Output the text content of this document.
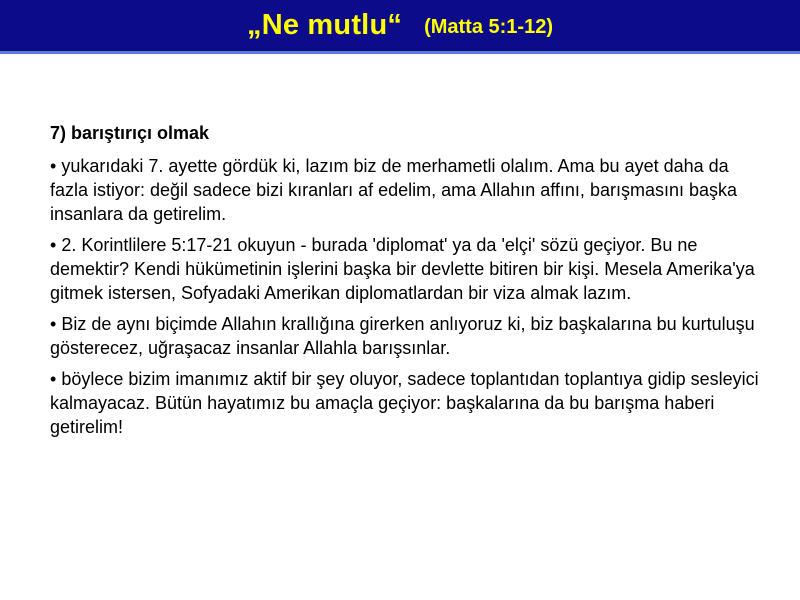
„Ne mutlu“ (Matta 5:1-12)
7) barıştırıçı olmak

• yukarıdaki 7. ayette gördük ki, lazım biz de merhametli olalım. Ama bu ayet daha da fazla istiyor: değil sadece bizi kıranları af edelim, ama Allahın affını, barışmasını başka insanlara da getirelim.

• 2. Korintlilere 5:17-21 okuyun - burada 'diplomat' ya da 'elçi' sözü geçiyor. Bu ne demektir? Kendi hükümetinin işlerini başka bir devlette bitiren bir kişi. Mesela Amerika'ya gitmek istersen, Sofyadaki Amerikan diplomatlardan bir viza almak lazım.

• Biz de aynı biçimde Allahın krallığına girerken anlıyoruz ki, biz başkalarına bu kurtuluşu gösterecez, uğraşacaz insanlar Allahla barışsınlar.

• böylece bizim imanımız aktif bir şey oluyor, sadece toplantıdan toplantıya gidip sesleyici kalmayacaz. Bütün hayatımız bu amaçla geçiyor: başkalarına da bu barışma haberi getirelim!
